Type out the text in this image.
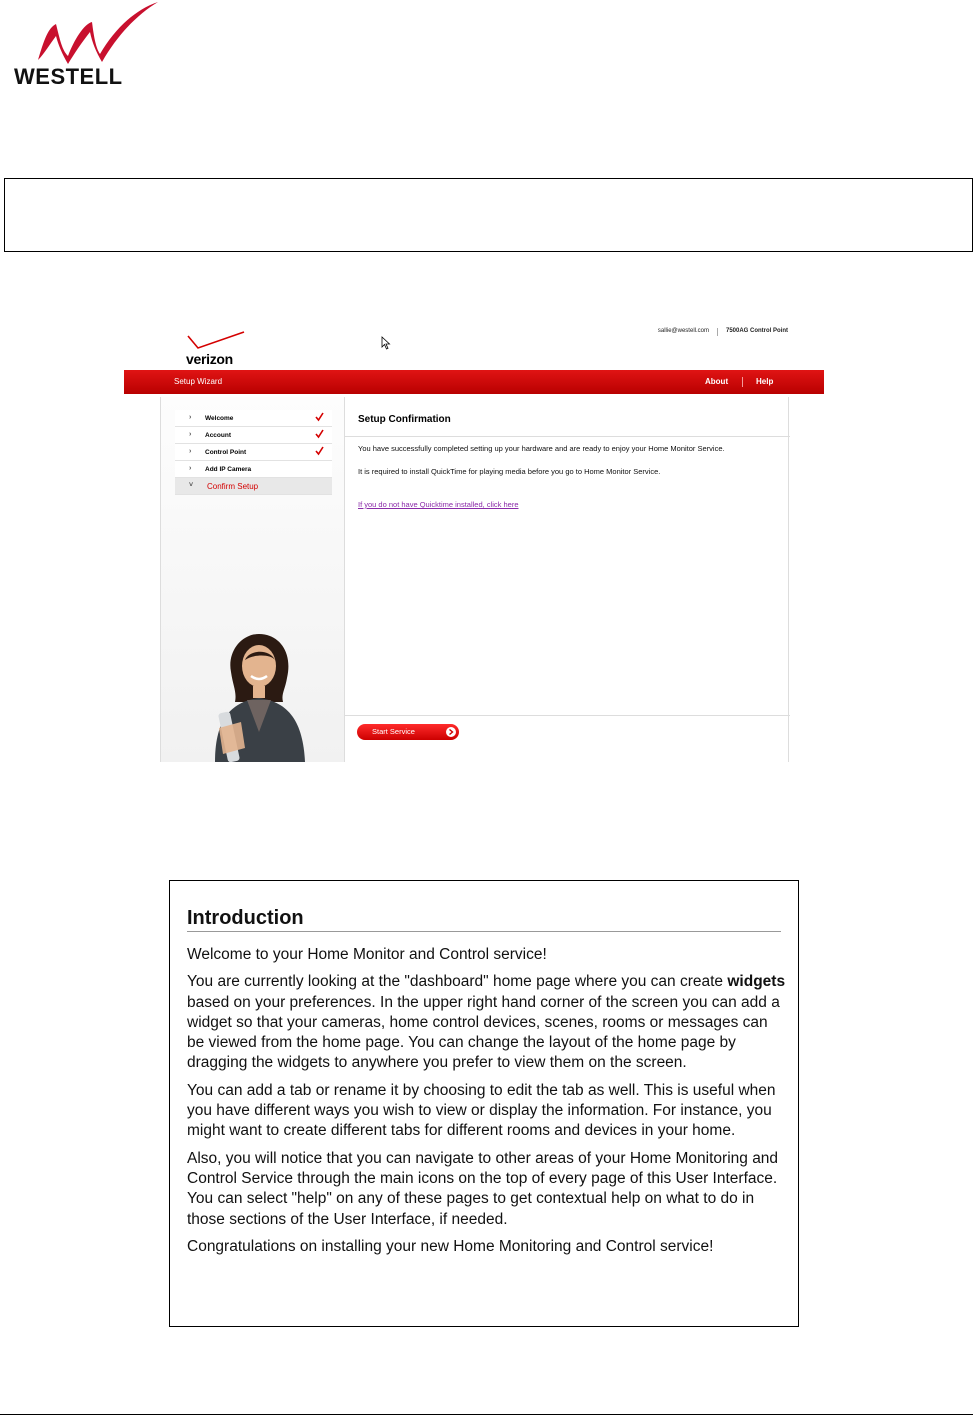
WESTELL
verizon
sallie@westell.com	7500AG Control Point
Setup Wizard	About	Help
› Welcome
› Account
› Control Point
› Add IP Camera
˅ Confirm Setup
Setup Confirmation
You have successfully completed setting up your hardware and are ready to enjoy your Home Monitor Service.
It is required to install QuickTime for playing media before you go to Home Monitor Service.
If you do not have Quicktime installed, click here
Start Service
Introduction

Welcome to your Home Monitor and Control service!

You are currently looking at the "dashboard" home page where you can create widgets based on your preferences. In the upper right hand corner of the screen you can add a widget so that your cameras, home control devices, scenes, rooms or messages can be viewed from the home page. You can change the layout of the home page by dragging the widgets to anywhere you prefer to view them on the screen.

You can add a tab or rename it by choosing to edit the tab as well. This is useful when you have different ways you wish to view or display the information. For instance, you might want to create different tabs for different rooms and devices in your home.

Also, you will notice that you can navigate to other areas of your Home Monitoring and Control Service through the main icons on the top of every page of this User Interface. You can select "help" on any of these pages to get contextual help on what to do in those sections of the User Interface, if needed.

Congratulations on installing your new Home Monitoring and Control service!
